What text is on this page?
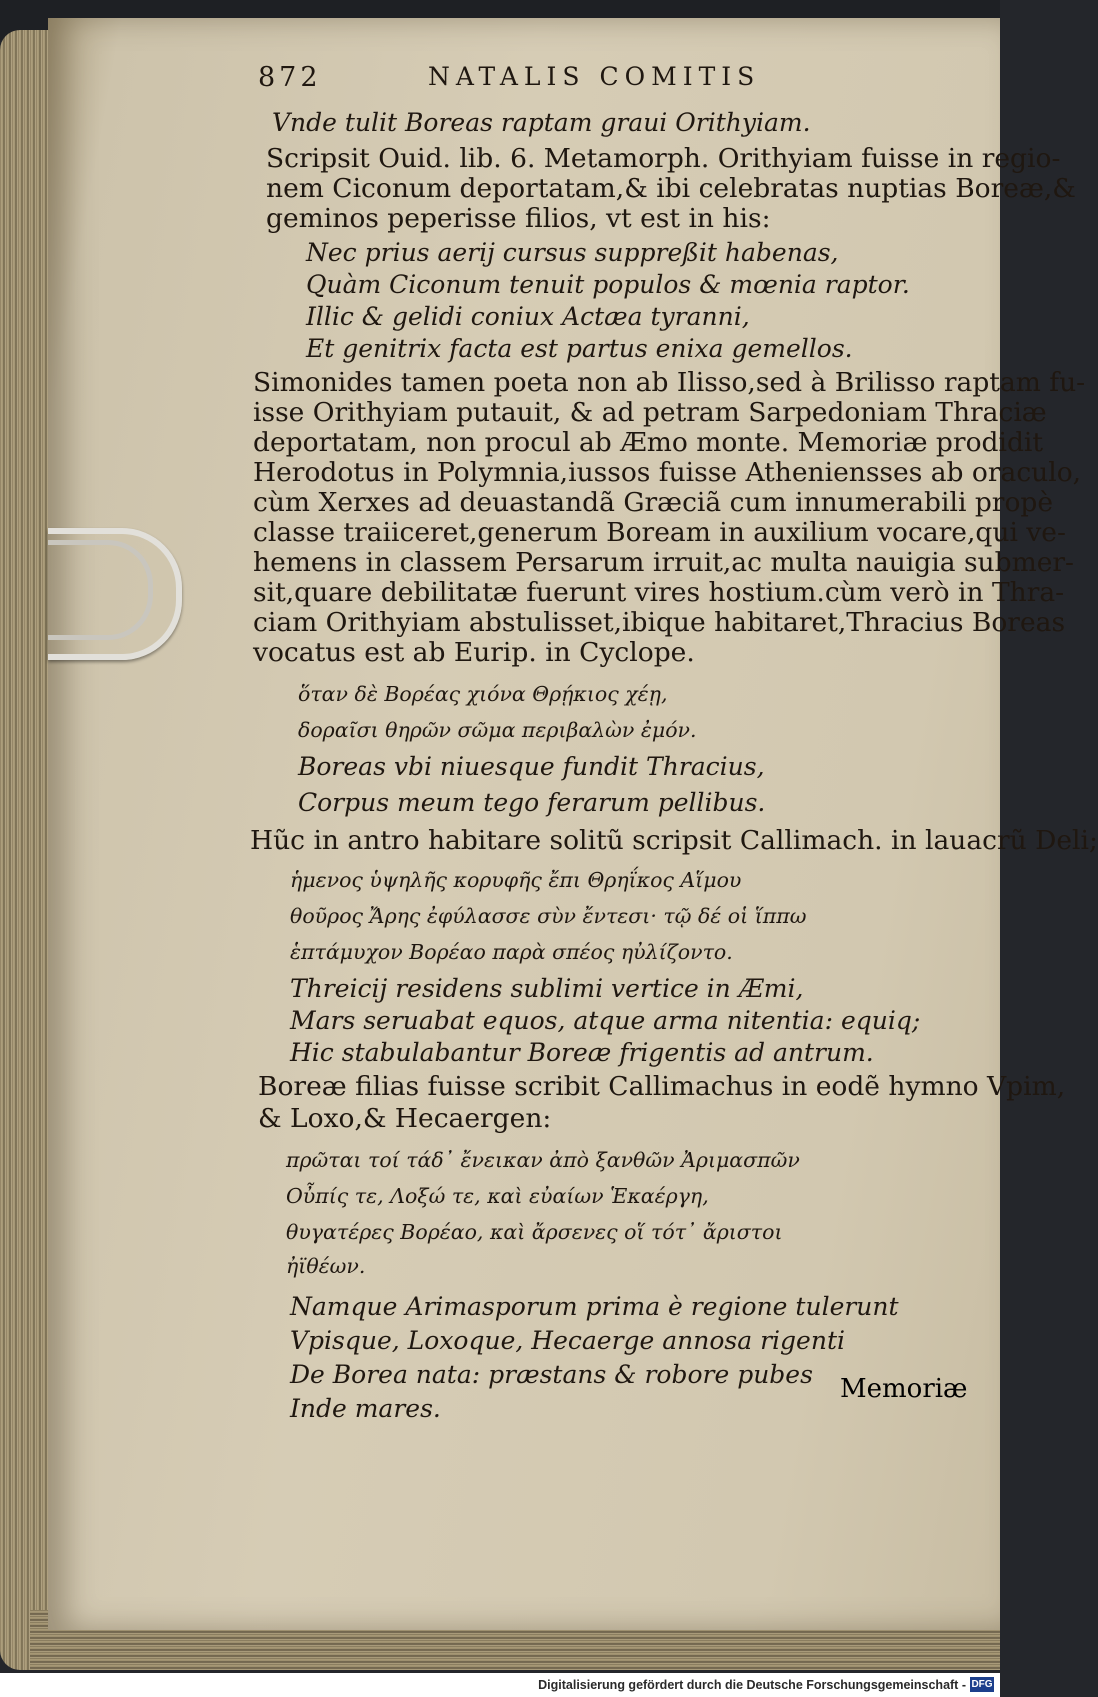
872	NATALIS COMITIS
Vnde tulit Boreas raptam graui Orithyiam.
Scripsit Ouid. lib. 6. Metamorph. Orithyiam fuisse in regio-
nem Ciconum deportatam,& ibi celebratas nuptias Boreæ,&
geminos peperisse filios, vt est in his:
Nec prius aerij cursus suppreßit habenas,
Quàm Ciconum tenuit populos & mœnia raptor.
Illic & gelidi coniux Actæa tyranni,
Et genitrix facta est partus enixa gemellos.
Simonides tamen poeta non ab Ilisso,sed à Brilisso raptam fu-
isse Orithyiam putauit, & ad petram Sarpedoniam Thraciæ
deportatam, non procul ab Æmo monte. Memoriæ prodidit
Herodotus in Polymnia,iussos fuisse Atheniensses ab oraculo,
cùm Xerxes ad deuastandã Græciã cum innumerabili propè
classe traiiceret,generum Boream in auxilium vocare,qui ve-
hemens in classem Persarum irruit,ac multa nauigia submer-
sit,quare debilitatæ fuerunt vires hostium.cùm verò in Thra-
ciam Orithyiam abstulisset,ibique habitaret,Thracius Boreas
vocatus est ab Eurip. in Cyclope.
ὅταν δὲ Βορέας χιόνα Θρῄκιος χέῃ,
δοραῖσι θηρῶν σῶμα περιβαλὼν ἐμόν.
Boreas vbi niuesque fundit Thracius,
Corpus meum tego ferarum pellibus.
Hũc in antro habitare solitũ scripsit Callimach. in lauacrũ Deli;
ἡμενος ὑψηλῆς κορυφῆς ἔπι Θρηΐκος Αἵμου
θοῦρος Ἄρης ἐφύλασσε σὺν ἔντεσι· τῷ δέ οἱ ἵππω
ἑπτάμυχον Βορέαο παρὰ σπέος ηὐλίζοντο.
Threicij residens sublimi vertice in Æmi,
Mars seruabat equos, atque arma nitentia: equiq;
Hic stabulabantur Boreæ frigentis ad antrum.
Boreæ filias fuisse scribit Callimachus in eodẽ hymno Vpim,
& Loxo,& Hecaergen:
πρῶται τοί τάδ᾽ ἔνεικαν ἀπὸ ξανθῶν Ἀριμασπῶν
Οὖπίς τε, Λοξώ τε, καὶ εὐαίων Ἑκαέργη,
θυγατέρες Βορέαο, καὶ ἄρσενες οἵ τότ᾽ ἄριστοι
ἠϊθέων.
Namque Arimasporum prima è regione tulerunt
Vpisque, Loxoque, Hecaerge annosa rigenti
De Borea nata: præstans & robore pubes
Inde mares.
Memoriæ
Digitalisierung gefördert durch die Deutsche Forschungsgemeinschaft - DFG
